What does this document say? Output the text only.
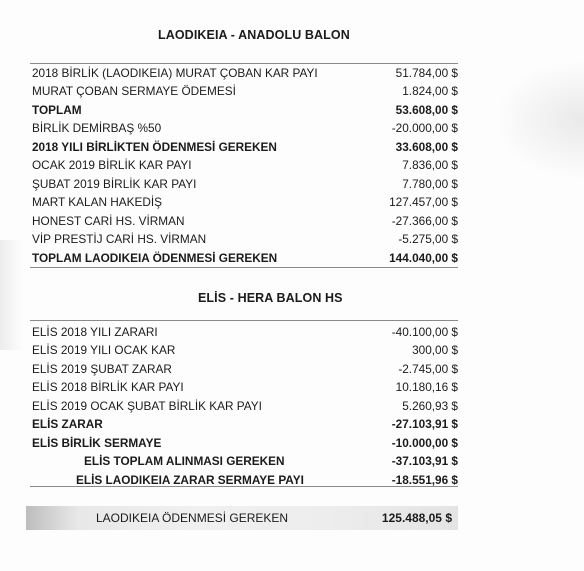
LAODIKEIA - ANADOLU BALON
2018 BİRLİK (LAODIKEIA) MURAT ÇOBAN KAR PAYI	51.784,00 $
MURAT ÇOBAN SERMAYE ÖDEMESİ	1.824,00 $
TOPLAM	53.608,00 $
BİRLİK DEMİRBAŞ %50	-20.000,00 $
2018 YILI BİRLİKTEN ÖDENMESİ GEREKEN	33.608,00 $
OCAK 2019 BİRLİK KAR PAYI	7.836,00 $
ŞUBAT 2019 BİRLİK KAR PAYI	7.780,00 $
MART KALAN HAKEDİŞ	127.457,00 $
HONEST CARİ HS. VİRMAN	-27.366,00 $
VİP PRESTİJ CARİ HS. VİRMAN	-5.275,00 $
TOPLAM LAODIKEIA ÖDENMESİ GEREKEN	144.040,00 $
ELİS - HERA BALON HS
ELİS 2018 YILI ZARARI	-40.100,00 $
ELİS 2019 YILI OCAK KAR	300,00 $
ELİS 2019 ŞUBAT ZARAR	-2.745,00 $
ELİS 2018 BİRLİK KAR PAYI	10.180,16 $
ELİS 2019 OCAK ŞUBAT BİRLİK KAR PAYI	5.260,93 $
ELİS ZARAR	-27.103,91 $
ELİS BİRLİK SERMAYE	-10.000,00 $
ELİS TOPLAM ALINMASI GEREKEN	-37.103,91 $
ELİS LAODIKEIA ZARAR SERMAYE PAYI	-18.551,96 $
LAODIKEIA ÖDENMESİ GEREKEN	125.488,05 $
